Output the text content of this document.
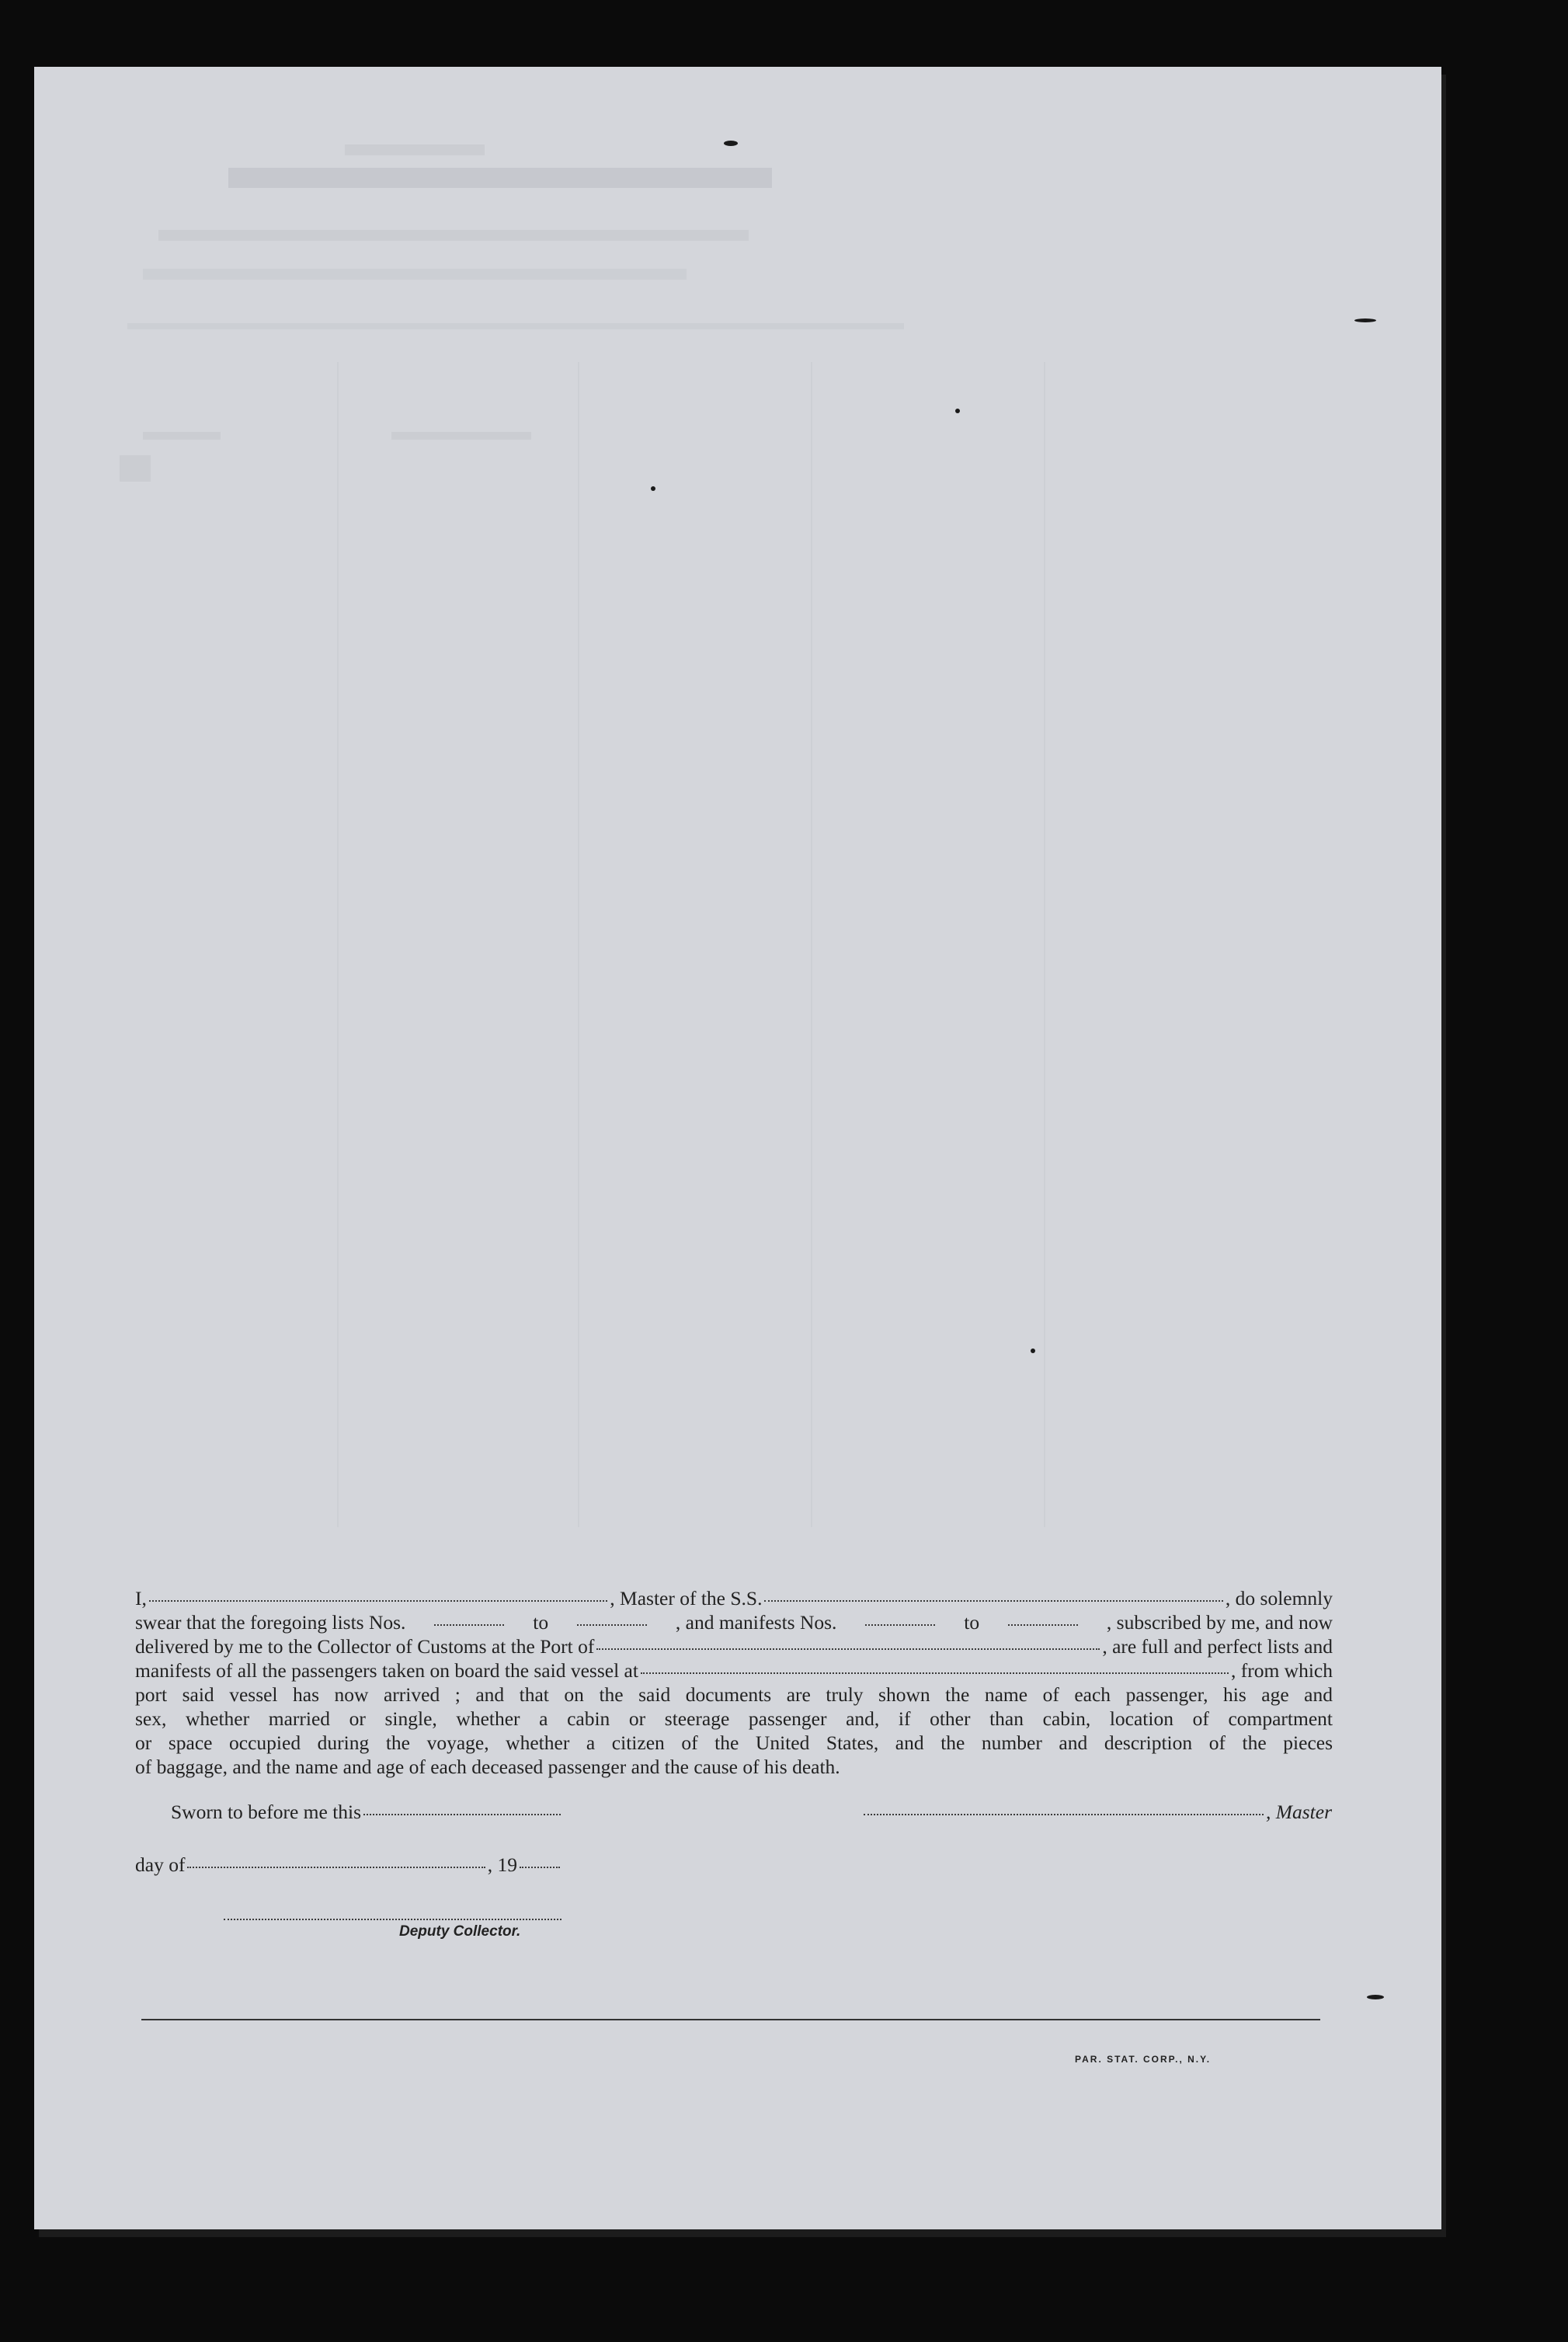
I,	, Master of the S.S.	, do solemnly
swear that the foregoing lists Nos.	to	, and manifests Nos.	to	, subscribed by me, and now
delivered by me to the Collector of Customs at the Port of	, are full and perfect lists and
manifests of all the passengers taken on board the said vessel at	, from which
port said vessel has now arrived ; and that on the said documents are truly shown the name of each passenger, his age and
sex, whether married or single, whether a cabin or steerage passenger and, if other than cabin, location of compartment
or space occupied during the voyage, whether a citizen of the United States, and the number and description of the pieces
of baggage, and the name and age of each deceased passenger and the cause of his death.
Sworn to before me this	, Master
day of	, 19
Deputy Collector.
PAR. STAT. CORP., N.Y.
